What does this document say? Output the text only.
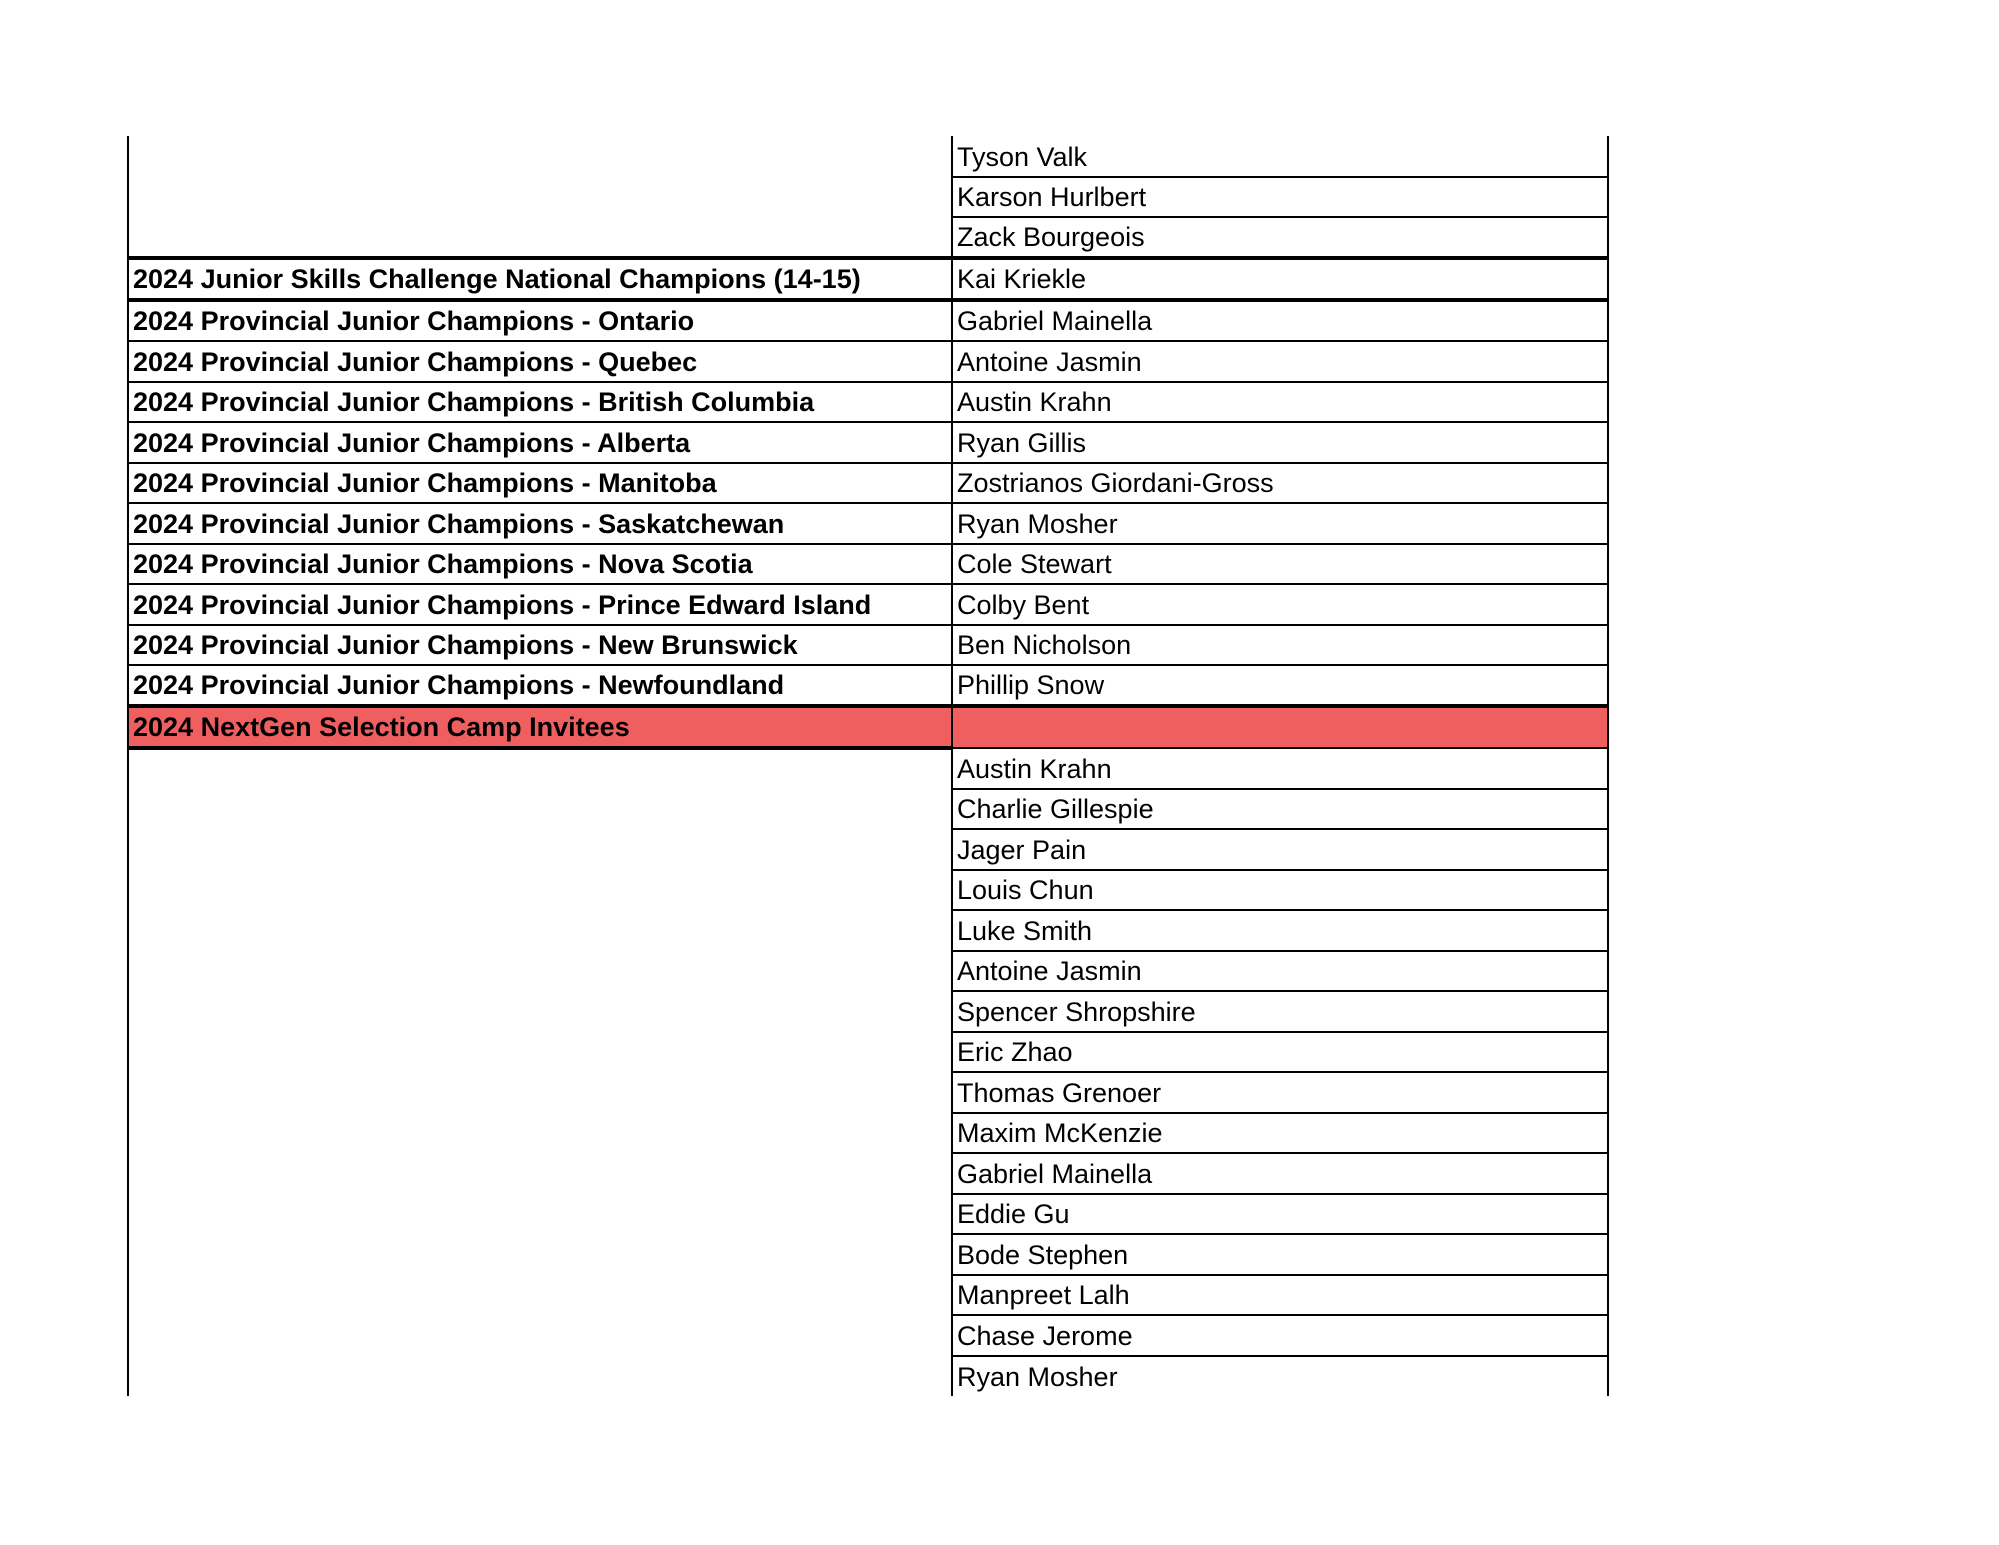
	Tyson Valk
	Karson Hurlbert
	Zack Bourgeois
2024 Junior Skills Challenge National Champions (14-15)	Kai Kriekle
2024 Provincial Junior Champions - Ontario	Gabriel Mainella
2024 Provincial Junior Champions - Quebec	Antoine Jasmin
2024 Provincial Junior Champions - British Columbia	Austin Krahn
2024 Provincial Junior Champions - Alberta	Ryan Gillis
2024 Provincial Junior Champions - Manitoba	Zostrianos Giordani-Gross
2024 Provincial Junior Champions - Saskatchewan	Ryan Mosher
2024 Provincial Junior Champions - Nova Scotia	Cole Stewart
2024 Provincial Junior Champions - Prince Edward Island	Colby Bent
2024 Provincial Junior Champions - New Brunswick	Ben Nicholson
2024 Provincial Junior Champions - Newfoundland	Phillip Snow
2024 NextGen Selection Camp Invitees	
	Austin Krahn
	Charlie Gillespie
	Jager Pain
	Louis Chun
	Luke Smith
	Antoine Jasmin
	Spencer Shropshire
	Eric Zhao
	Thomas Grenoer
	Maxim McKenzie
	Gabriel Mainella
	Eddie Gu
	Bode Stephen
	Manpreet Lalh
	Chase Jerome
	Ryan Mosher
